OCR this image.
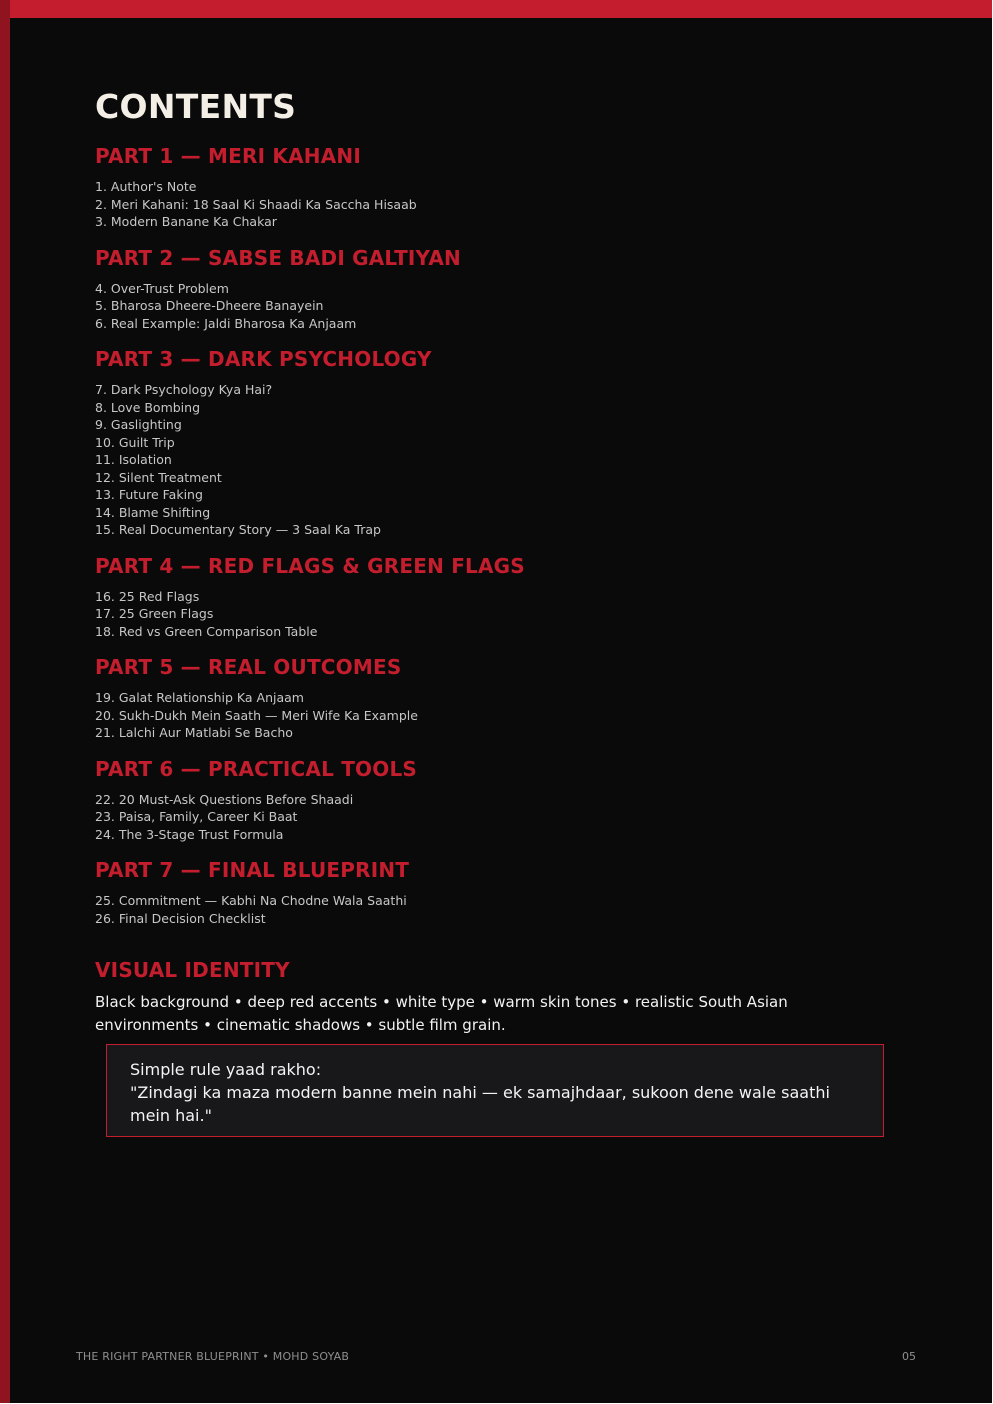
CONTENTS
PART 1 — MERI KAHANI
1. Author's Note
2. Meri Kahani: 18 Saal Ki Shaadi Ka Saccha Hisaab
3. Modern Banane Ka Chakar
PART 2 — SABSE BADI GALTIYAN
4. Over-Trust Problem
5. Bharosa Dheere-Dheere Banayein
6. Real Example: Jaldi Bharosa Ka Anjaam
PART 3 — DARK PSYCHOLOGY
7. Dark Psychology Kya Hai?
8. Love Bombing
9. Gaslighting
10. Guilt Trip
11. Isolation
12. Silent Treatment
13. Future Faking
14. Blame Shifting
15. Real Documentary Story — 3 Saal Ka Trap
PART 4 — RED FLAGS & GREEN FLAGS
16. 25 Red Flags
17. 25 Green Flags
18. Red vs Green Comparison Table
PART 5 — REAL OUTCOMES
19. Galat Relationship Ka Anjaam
20. Sukh-Dukh Mein Saath — Meri Wife Ka Example
21. Lalchi Aur Matlabi Se Bacho
PART 6 — PRACTICAL TOOLS
22. 20 Must-Ask Questions Before Shaadi
23. Paisa, Family, Career Ki Baat
24. The 3-Stage Trust Formula
PART 7 — FINAL BLUEPRINT
25. Commitment — Kabhi Na Chodne Wala Saathi
26. Final Decision Checklist
VISUAL IDENTITY

Black background • deep red accents • white type • warm skin tones • realistic South Asian environments • cinematic shadows • subtle film grain.

Simple rule yaad rakho:

"Zindagi ka maza modern banne mein nahi — ek samajhdaar, sukoon dene wale saathi mein hai."

THE RIGHT PARTNER BLUEPRINT • MOHD SOYAB	05
